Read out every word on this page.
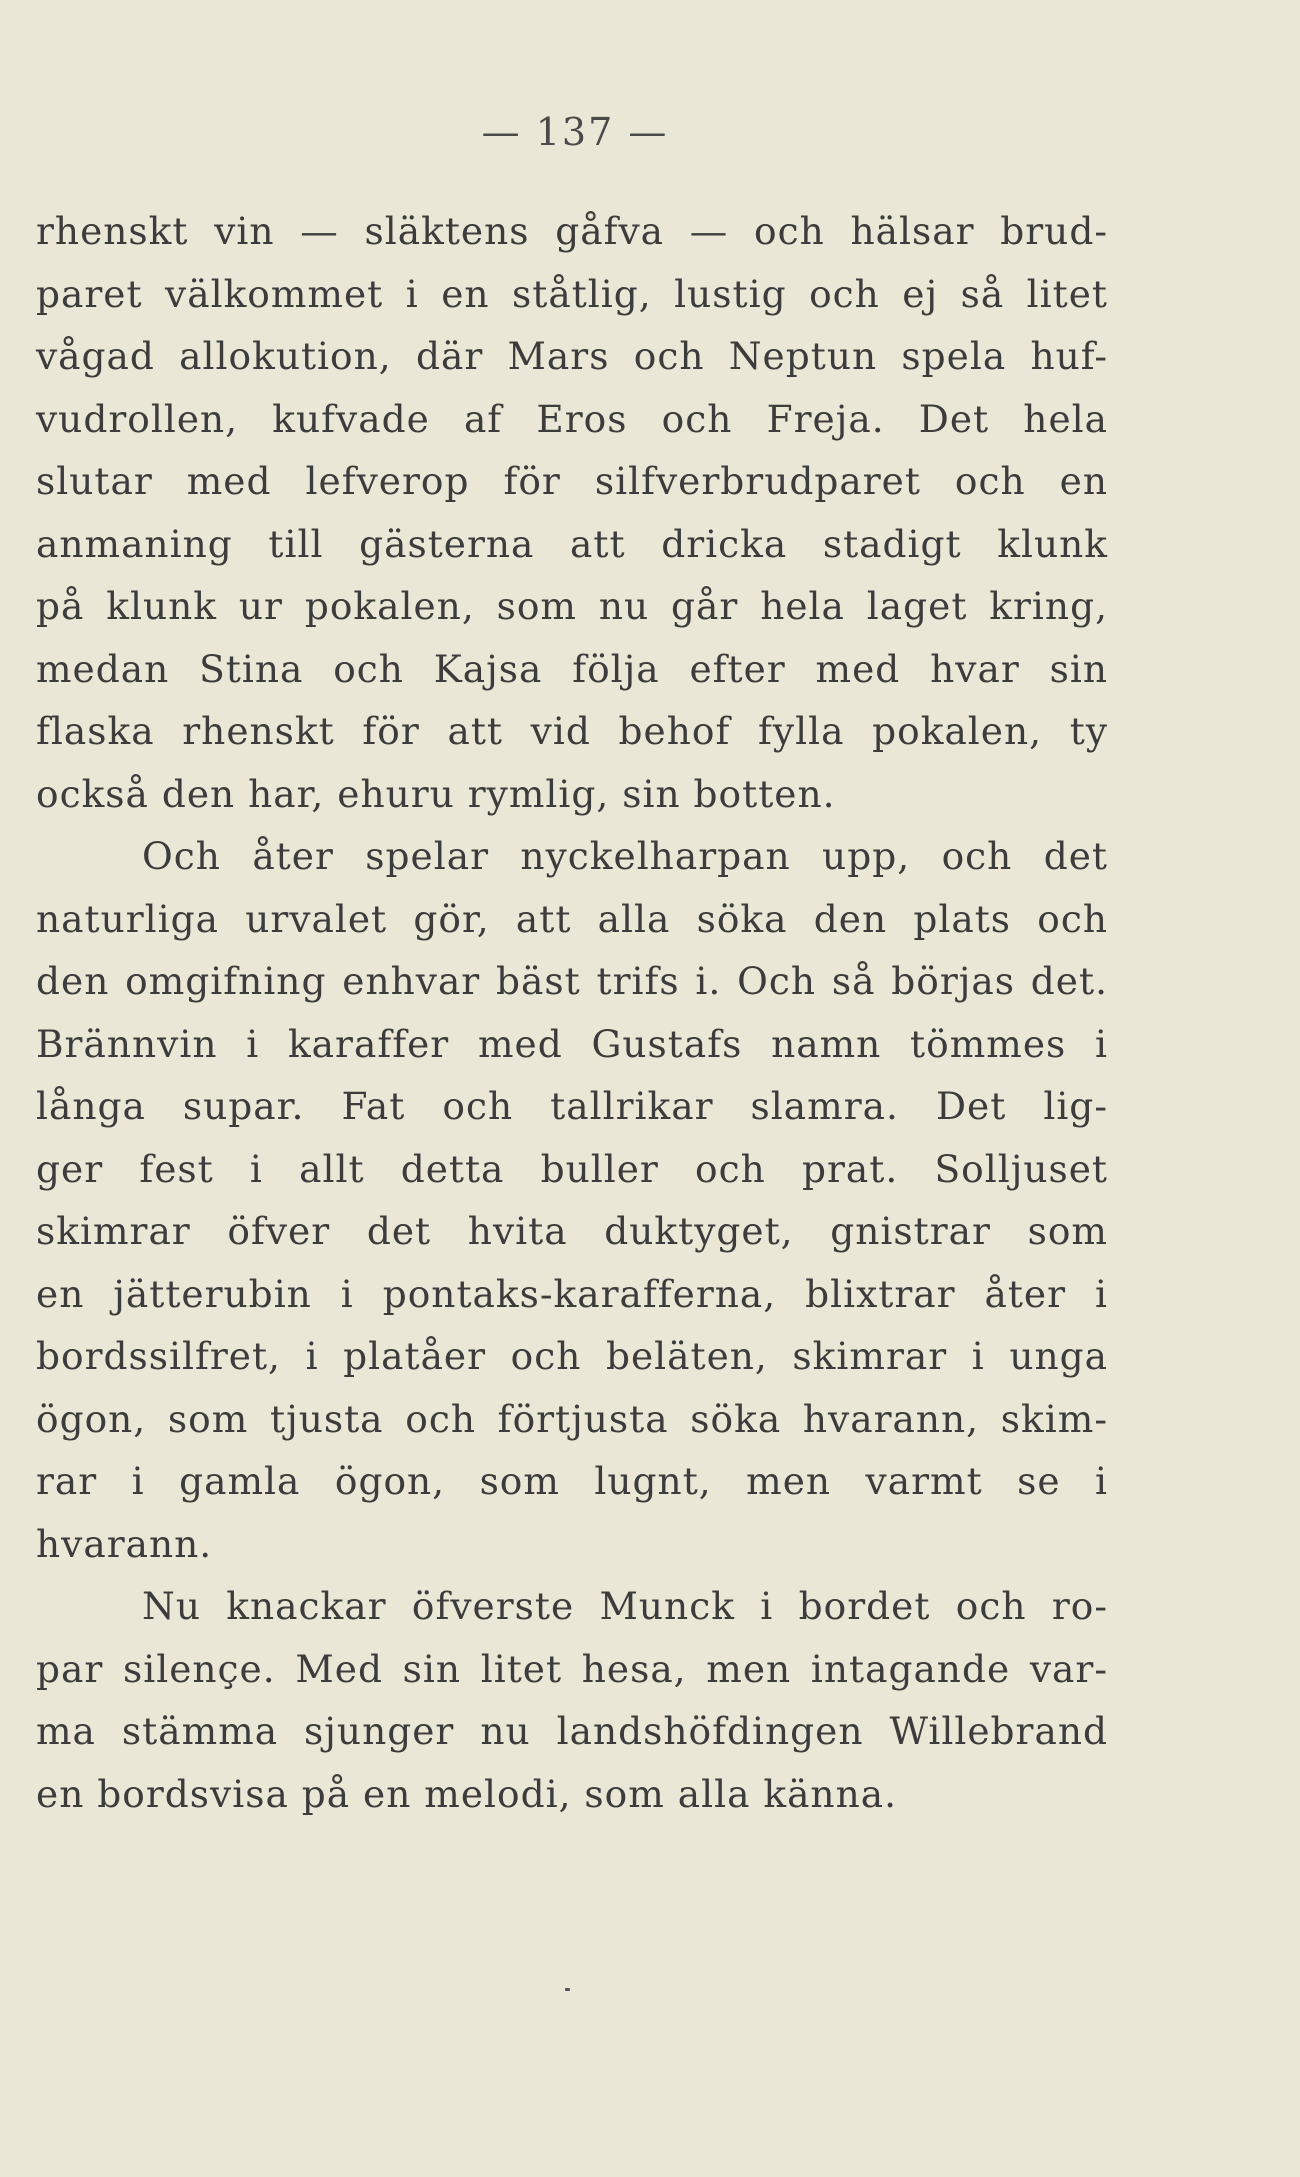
— 137 —
rhenskt vin — släktens gåfva — och hälsar brud-
paret välkommet i en ståtlig, lustig och ej så litet
vågad allokution, där Mars och Neptun spela huf-
vudrollen, kufvade af Eros och Freja. Det hela
slutar med lefverop för silfverbrudparet och en
anmaning till gästerna att dricka stadigt klunk
på klunk ur pokalen, som nu går hela laget kring,
medan Stina och Kajsa följa efter med hvar sin
flaska rhenskt för att vid behof fylla pokalen, ty
också den har, ehuru rymlig, sin botten.
Och åter spelar nyckelharpan upp, och det
naturliga urvalet gör, att alla söka den plats och
den omgifning enhvar bäst trifs i. Och så börjas det.
Brännvin i karaffer med Gustafs namn tömmes i
långa supar. Fat och tallrikar slamra. Det lig-
ger fest i allt detta buller och prat. Solljuset
skimrar öfver det hvita duktyget, gnistrar som
en jätterubin i pontaks-karafferna, blixtrar åter i
bordssilfret, i platåer och beläten, skimrar i unga
ögon, som tjusta och förtjusta söka hvarann, skim-
rar i gamla ögon, som lugnt, men varmt se i
hvarann.
Nu knackar öfverste Munck i bordet och ro-
par silençe. Med sin litet hesa, men intagande var-
ma stämma sjunger nu landshöfdingen Willebrand
en bordsvisa på en melodi, som alla känna.
